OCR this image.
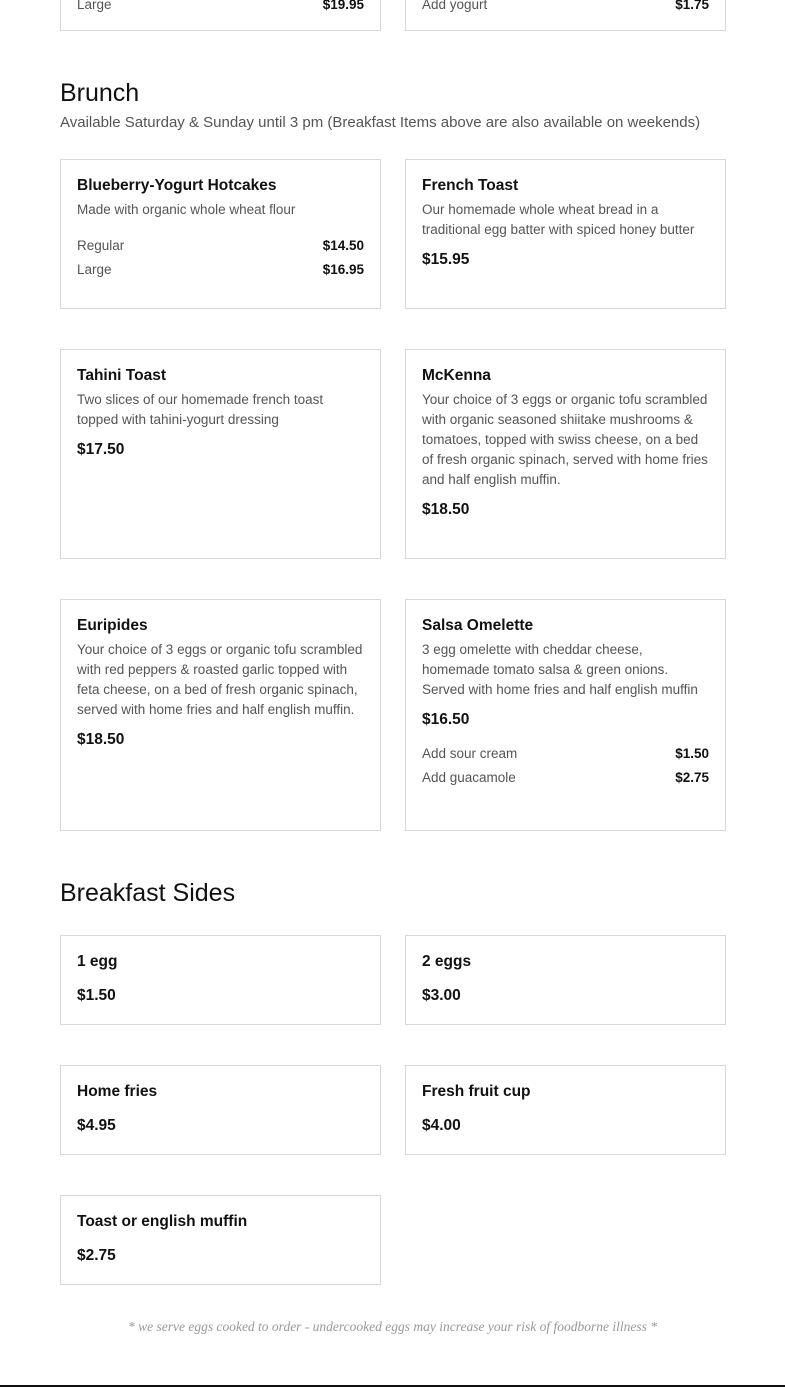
Large	$19.95	Add yogurt	$1.75
Brunch
Available Saturday & Sunday until 3 pm (Breakfast Items above are also available on weekends)
Blueberry-Yogurt Hotcakes
Made with organic whole wheat flour
Regular	$14.50
Large	$16.95
French Toast
Our homemade whole wheat bread in a traditional egg batter with spiced honey butter
$15.95
Tahini Toast
Two slices of our homemade french toast topped with tahini-yogurt dressing
$17.50
McKenna
Your choice of 3 eggs or organic tofu scrambled with organic seasoned shiitake mushrooms & tomatoes, topped with swiss cheese, on a bed of fresh organic spinach, served with home fries and half english muffin.
$18.50
Euripides
Your choice of 3 eggs or organic tofu scrambled with red peppers & roasted garlic topped with feta cheese, on a bed of fresh organic spinach, served with home fries and half english muffin.
$18.50
Salsa Omelette
3 egg omelette with cheddar cheese, homemade tomato salsa & green onions. Served with home fries and half english muffin
$16.50
Add sour cream	$1.50
Add guacamole	$2.75
Breakfast Sides
1 egg
$1.50
2 eggs
$3.00
Home fries
$4.95
Fresh fruit cup
$4.00
Toast or english muffin
$2.75
* we serve eggs cooked to order - undercooked eggs may increase your risk of foodborne illness *
